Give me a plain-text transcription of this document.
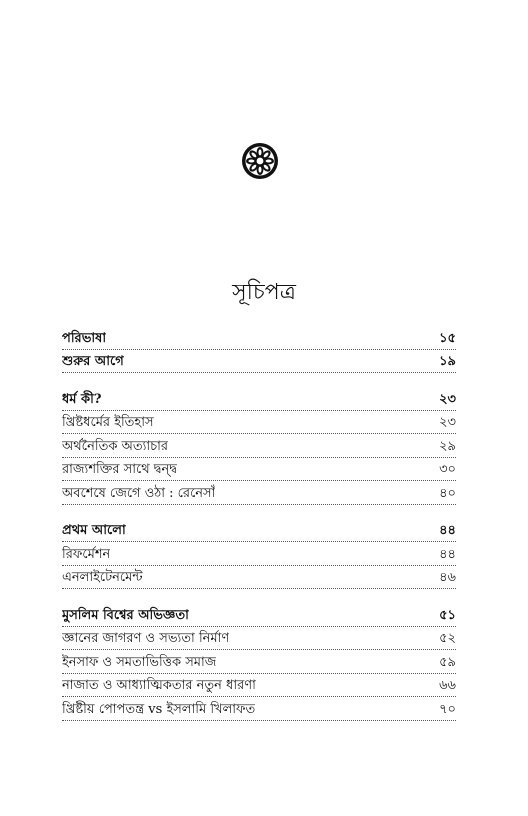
সূচিপত্র
পরিভাষা	১৫
শুরুর আগে	১৯
ধর্ম কী?	২৩
খ্রিষ্টধর্মের ইতিহাস	২৩
অর্থনৈতিক অত্যাচার	২৯
রাজ্যশক্তির সাথে দ্বন্দ্ব	৩০
অবশেষে জেগে ওঠা : রেনেসাঁ	৪০
প্রথম আলো	৪৪
রিফর্মেশন	৪৪
এনলাইটেনমেন্ট	৪৬
মুসলিম বিশ্বের অভিজ্ঞতা	৫১
জ্ঞানের জাগরণ ও সভ্যতা নির্মাণ	৫২
ইনসাফ ও সমতাভিত্তিক সমাজ	৫৯
নাজাত ও আধ্যাত্মিকতার নতুন ধারণা	৬৬
খ্রিষ্টীয় পোপতন্ত্র vs ইসলামি খিলাফত	৭০
